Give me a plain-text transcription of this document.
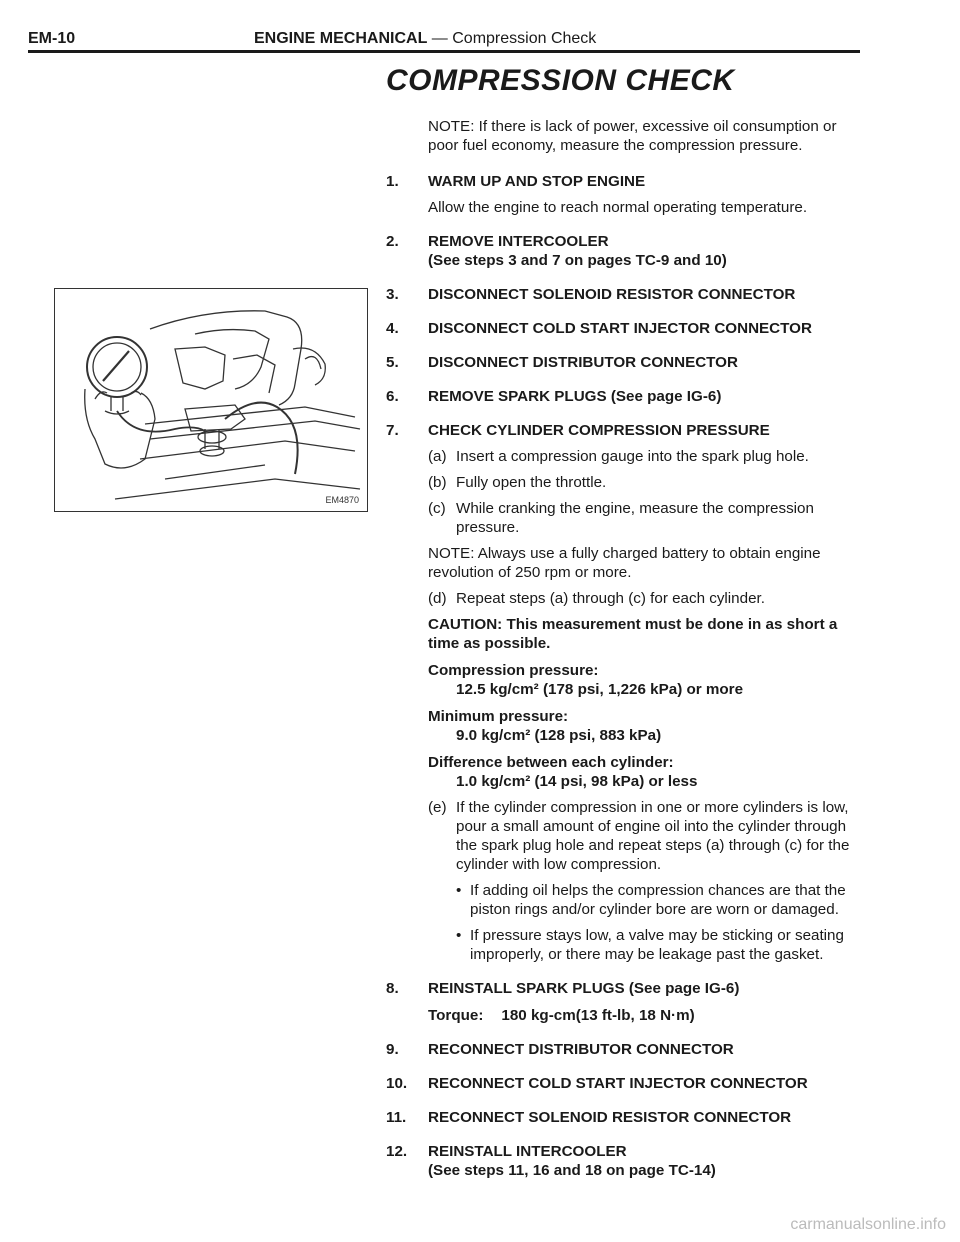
EM-10	ENGINE MECHANICAL — Compression Check
COMPRESSION CHECK
EM4870
NOTE: If there is lack of power, excessive oil consumption or poor fuel economy, measure the compression pressure.
1. WARM UP AND STOP ENGINE
Allow the engine to reach normal operating temperature.
2. REMOVE INTERCOOLER
(See steps 3 and 7 on pages TC-9 and 10)
3. DISCONNECT SOLENOID RESISTOR CONNECTOR
4. DISCONNECT COLD START INJECTOR CONNECTOR
5. DISCONNECT DISTRIBUTOR CONNECTOR
6. REMOVE SPARK PLUGS (See page IG-6)
7. CHECK CYLINDER COMPRESSION PRESSURE
(a) Insert a compression gauge into the spark plug hole.
(b) Fully open the throttle.
(c) While cranking the engine, measure the compression pressure.
NOTE: Always use a fully charged battery to obtain engine revolution of 250 rpm or more.
(d) Repeat steps (a) through (c) for each cylinder.
CAUTION: This measurement must be done in as short a time as possible.
Compression pressure:
12.5 kg/cm² (178 psi, 1,226 kPa) or more
Minimum pressure:
9.0 kg/cm² (128 psi, 883 kPa)
Difference between each cylinder:
1.0 kg/cm² (14 psi, 98 kPa) or less
(e) If the cylinder compression in one or more cylinders is low, pour a small amount of engine oil into the cylinder through the spark plug hole and repeat steps (a) through (c) for the cylinder with low compression.
• If adding oil helps the compression chances are that the piston rings and/or cylinder bore are worn or damaged.
• If pressure stays low, a valve may be sticking or seating improperly, or there may be leakage past the gasket.
8. REINSTALL SPARK PLUGS (See page IG-6)
Torque: 180 kg-cm(13 ft-lb, 18 N·m)
9. RECONNECT DISTRIBUTOR CONNECTOR
10. RECONNECT COLD START INJECTOR CONNECTOR
11. RECONNECT SOLENOID RESISTOR CONNECTOR
12. REINSTALL INTERCOOLER
(See steps 11, 16 and 18 on page TC-14)
carmanualsonline.info
